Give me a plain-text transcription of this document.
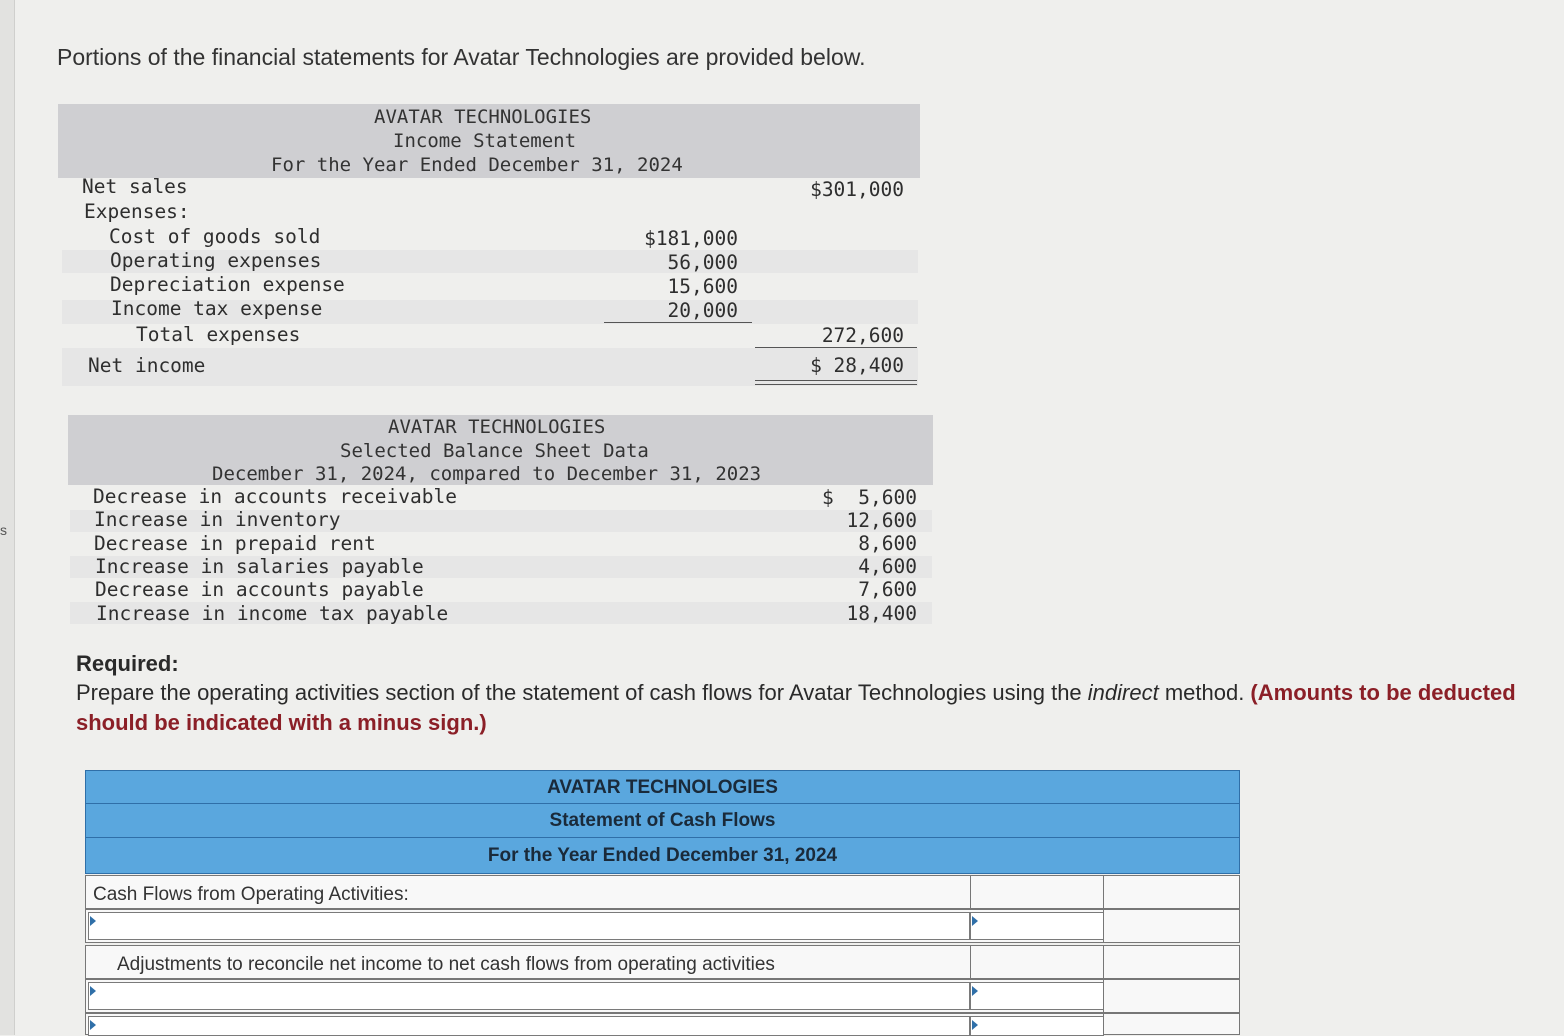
s
Portions of the financial statements for Avatar Technologies are provided below.
AVATAR TECHNOLOGIES
Income Statement
For the Year Ended December 31, 2024
Net sales	$301,000
Expenses:
Cost of goods sold	$181,000
Operating expenses	56,000
Depreciation expense	15,600
Income tax expense	20,000
Total expenses	272,600
Net income	$ 28,400
AVATAR TECHNOLOGIES
Selected Balance Sheet Data
December 31, 2024, compared to December 31, 2023
Decrease in accounts receivable	$	5,600
Increase in inventory	12,600
Decrease in prepaid rent	8,600
Increase in salaries payable	4,600
Decrease in accounts payable	7,600
Increase in income tax payable	18,400
Required:
Prepare the operating activities section of the statement of cash flows for Avatar Technologies using the indirect method. (Amounts to be deducted should be indicated with a minus sign.)
AVATAR TECHNOLOGIES
Statement of Cash Flows
For the Year Ended December 31, 2024
Cash Flows from Operating Activities:
Adjustments to reconcile net income to net cash flows from operating activities
